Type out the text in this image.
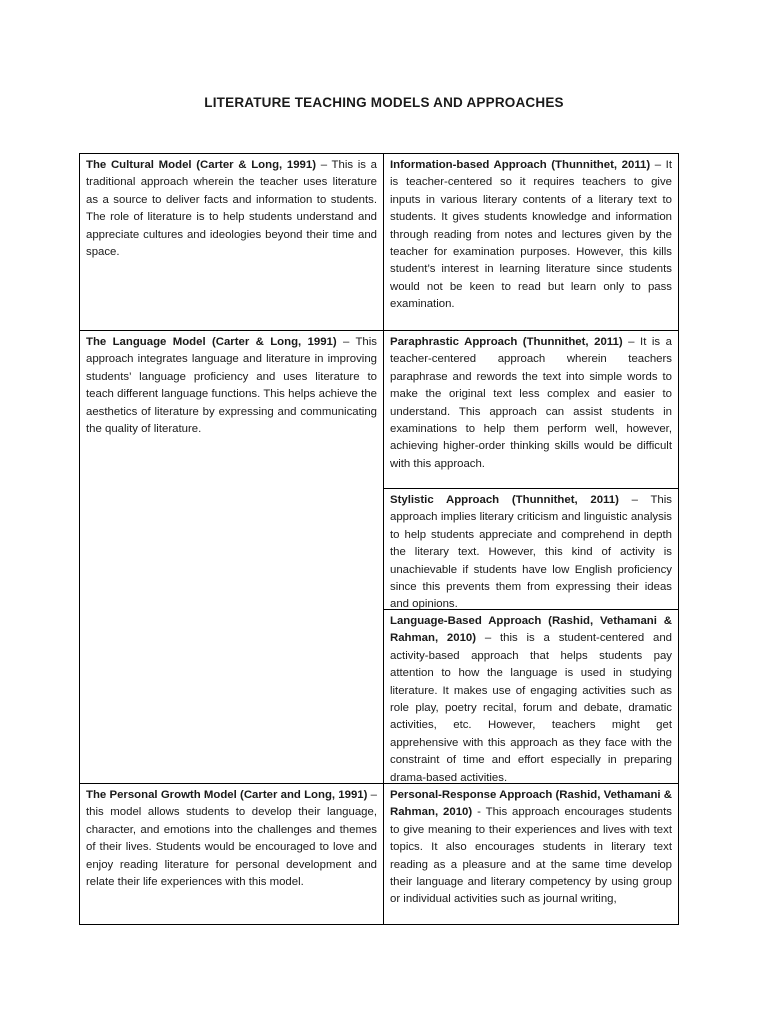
LITERATURE TEACHING MODELS AND APPROACHES
The Cultural Model (Carter & Long, 1991) – This is a traditional approach wherein the teacher uses literature as a source to deliver facts and information to students. The role of literature is to help students understand and appreciate cultures and ideologies beyond their time and space.
The Language Model (Carter & Long, 1991) – This approach integrates language and literature in improving students’ language proficiency and uses literature to teach different language functions. This helps achieve the aesthetics of literature by expressing and communicating the quality of literature.
The Personal Growth Model (Carter and Long, 1991) – this model allows students to develop their language, character, and emotions into the challenges and themes of their lives. Students would be encouraged to love and enjoy reading literature for personal development and relate their life experiences with this model.
Information-based Approach (Thunnithet, 2011) – It is teacher-centered so it requires teachers to give inputs in various literary contents of a literary text to students. It gives students knowledge and information through reading from notes and lectures given by the teacher for examination purposes. However, this kills student’s interest in learning literature since students would not be keen to read but learn only to pass examination.
Paraphrastic Approach (Thunnithet, 2011) – It is a teacher-centered approach wherein teachers paraphrase and rewords the text into simple words to make the original text less complex and easier to understand. This approach can assist students in examinations to help them perform well, however, achieving higher-order thinking skills would be difficult with this approach.
Stylistic Approach (Thunnithet, 2011) – This approach implies literary criticism and linguistic analysis to help students appreciate and comprehend in depth the literary text. However, this kind of activity is unachievable if students have low English proficiency since this prevents them from expressing their ideas and opinions.
Language-Based Approach (Rashid, Vethamani & Rahman, 2010) – this is a student-centered and activity-based approach that helps students pay attention to how the language is used in studying literature. It makes use of engaging activities such as role play, poetry recital, forum and debate, dramatic activities, etc. However, teachers might get apprehensive with this approach as they face with the constraint of time and effort especially in preparing drama-based activities.
Personal-Response Approach (Rashid, Vethamani & Rahman, 2010) - This approach encourages students to give meaning to their experiences and lives with text topics. It also encourages students in literary text reading as a pleasure and at the same time develop their language and literary competency by using group or individual activities such as journal writing,
